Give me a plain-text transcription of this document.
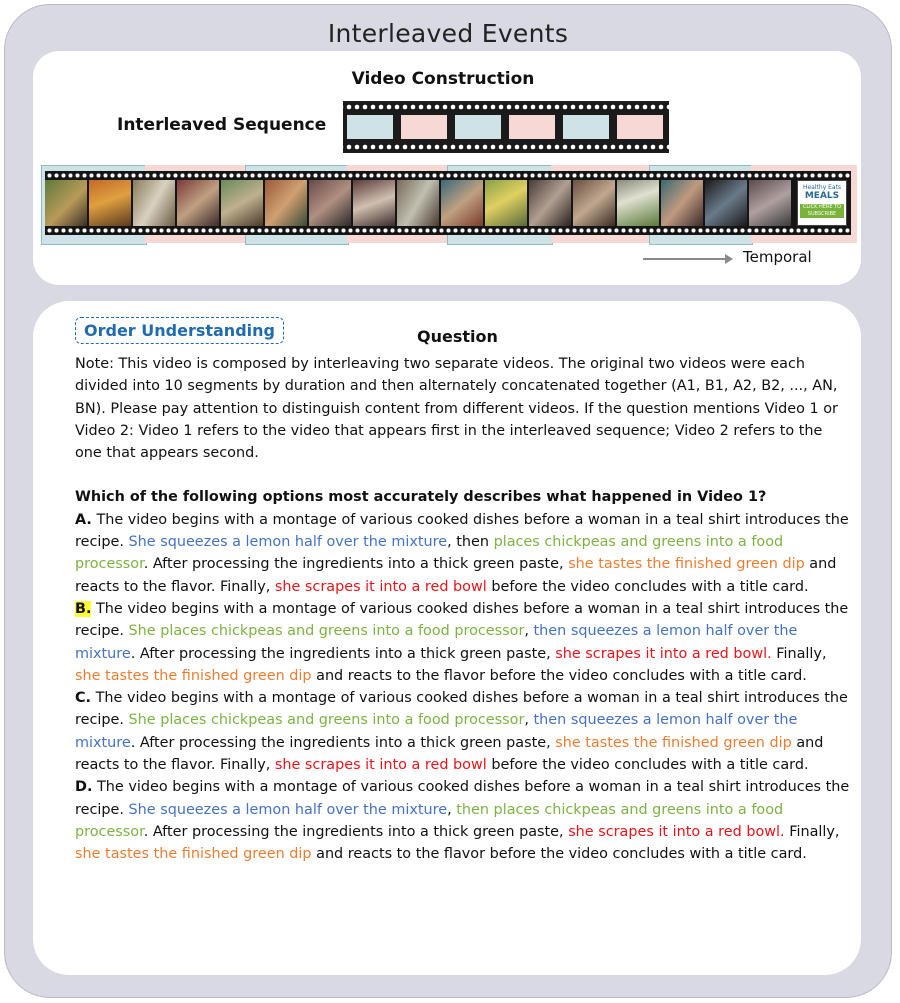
Interleaved Events
Video Construction
Interleaved Sequence
Healthy Eats
MEALS
CLICK HERE TO SUBSCRIBE
Temporal
Order Understanding	Question

Note: This video is composed by interleaving two separate videos. The original two videos were each divided into 10 segments by duration and then alternately concatenated together (A1, B1, A2, B2, ..., AN, BN). Please pay attention to distinguish content from different videos. If the question mentions Video 1 or Video 2: Video 1 refers to the video that appears first in the interleaved sequence; Video 2 refers to the one that appears second.

Which of the following options most accurately describes what happened in Video 1?

A. The video begins with a montage of various cooked dishes before a woman in a teal shirt introduces the recipe. She squeezes a lemon half over the mixture, then places chickpeas and greens into a food processor. After processing the ingredients into a thick green paste, she tastes the finished green dip and reacts to the flavor. Finally, she scrapes it into a red bowl before the video concludes with a title card.

B. The video begins with a montage of various cooked dishes before a woman in a teal shirt introduces the recipe. She places chickpeas and greens into a food processor, then squeezes a lemon half over the mixture. After processing the ingredients into a thick green paste, she scrapes it into a red bowl. Finally, she tastes the finished green dip and reacts to the flavor before the video concludes with a title card.

C. The video begins with a montage of various cooked dishes before a woman in a teal shirt introduces the recipe. She places chickpeas and greens into a food processor, then squeezes a lemon half over the mixture. After processing the ingredients into a thick green paste, she tastes the finished green dip and reacts to the flavor. Finally, she scrapes it into a red bowl before the video concludes with a title card.

D. The video begins with a montage of various cooked dishes before a woman in a teal shirt introduces the recipe. She squeezes a lemon half over the mixture, then places chickpeas and greens into a food processor. After processing the ingredients into a thick green paste, she scrapes it into a red bowl. Finally, she tastes the finished green dip and reacts to the flavor before the video concludes with a title card.
